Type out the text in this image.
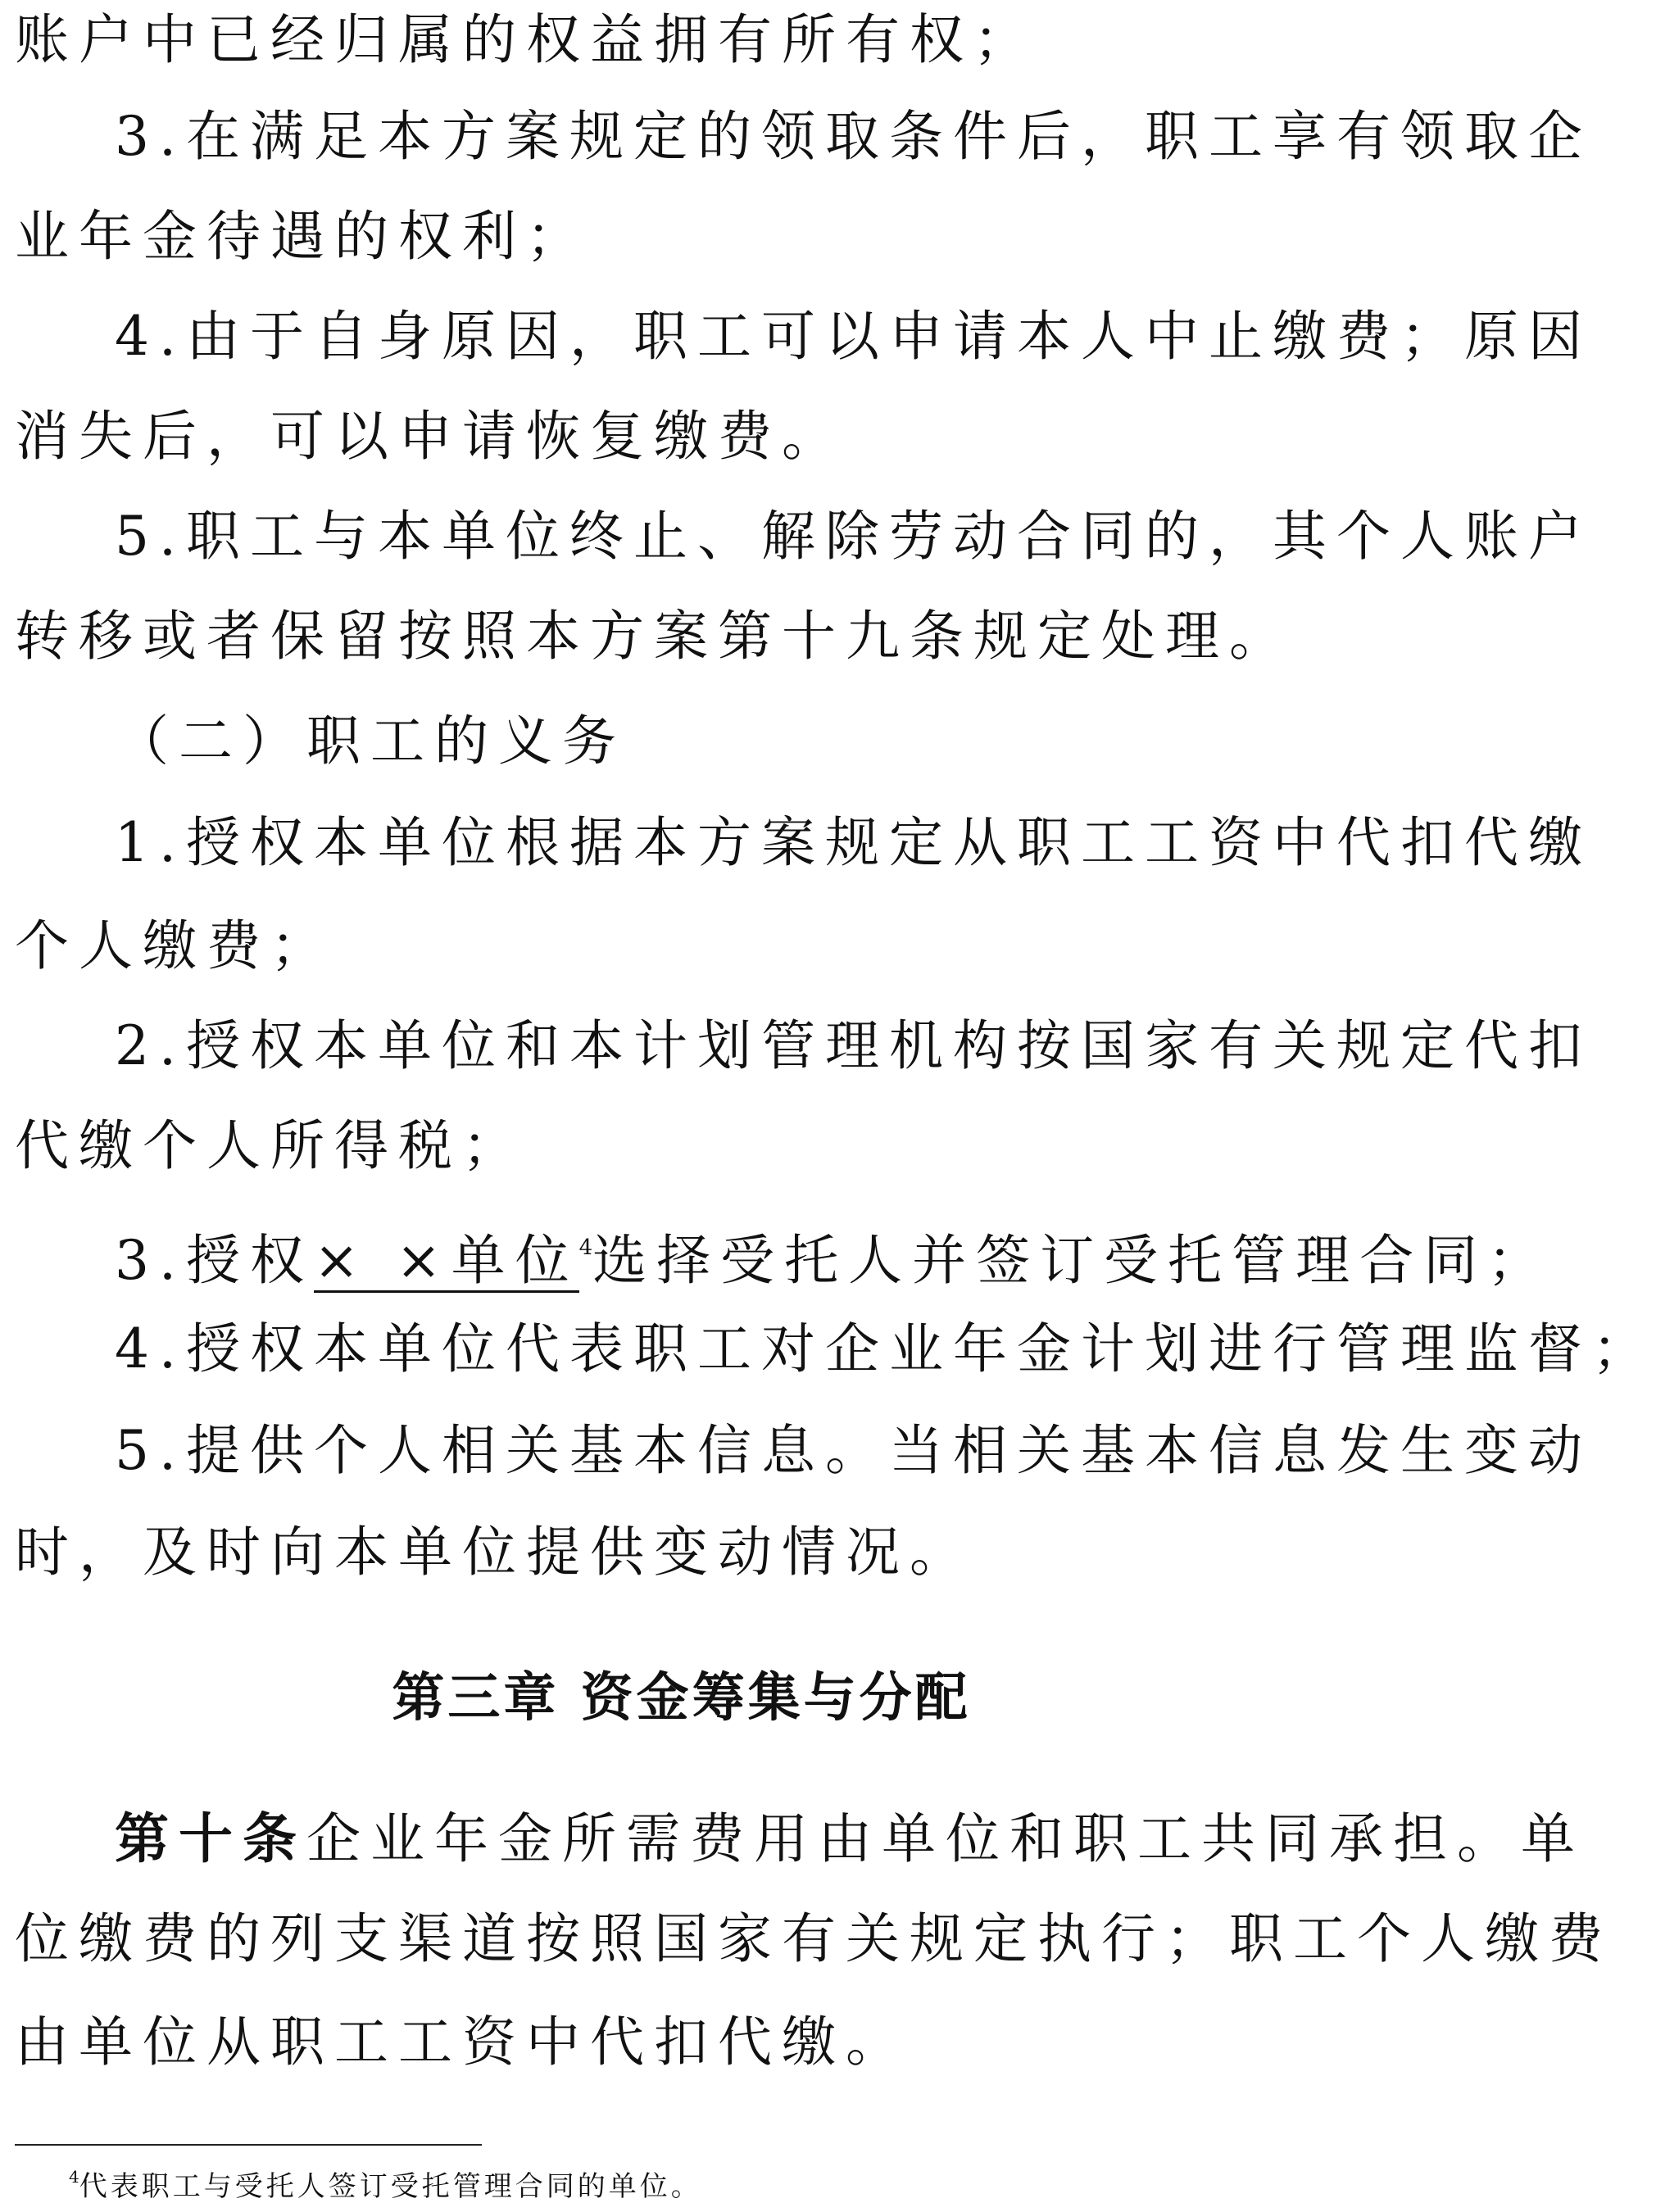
账户中已经归属的权益拥有所有权；
3.在满足本方案规定的领取条件后，职工享有领取企
业年金待遇的权利；
4.由于自身原因，职工可以申请本人中止缴费；原因
消失后，可以申请恢复缴费。
5.职工与本单位终止、解除劳动合同的，其个人账户
转移或者保留按照本方案第十九条规定处理。
（二）职工的义务
1.授权本单位根据本方案规定从职工工资中代扣代缴
个人缴费；
2.授权本单位和本计划管理机构按国家有关规定代扣
代缴个人所得税；
3.授权× ×单位$^4$选择受托人并签订受托管理合同；
4.授权本单位代表职工对企业年金计划进行管理监督；
5.提供个人相关基本信息。当相关基本信息发生变动
时，及时向本单位提供变动情况。
第三章 资金筹集与分配
第十条企业年金所需费用由单位和职工共同承担。单
位缴费的列支渠道按照国家有关规定执行；职工个人缴费
由单位从职工工资中代扣代缴。
$^4$代表职工与受托人签订受托管理合同的单位。
